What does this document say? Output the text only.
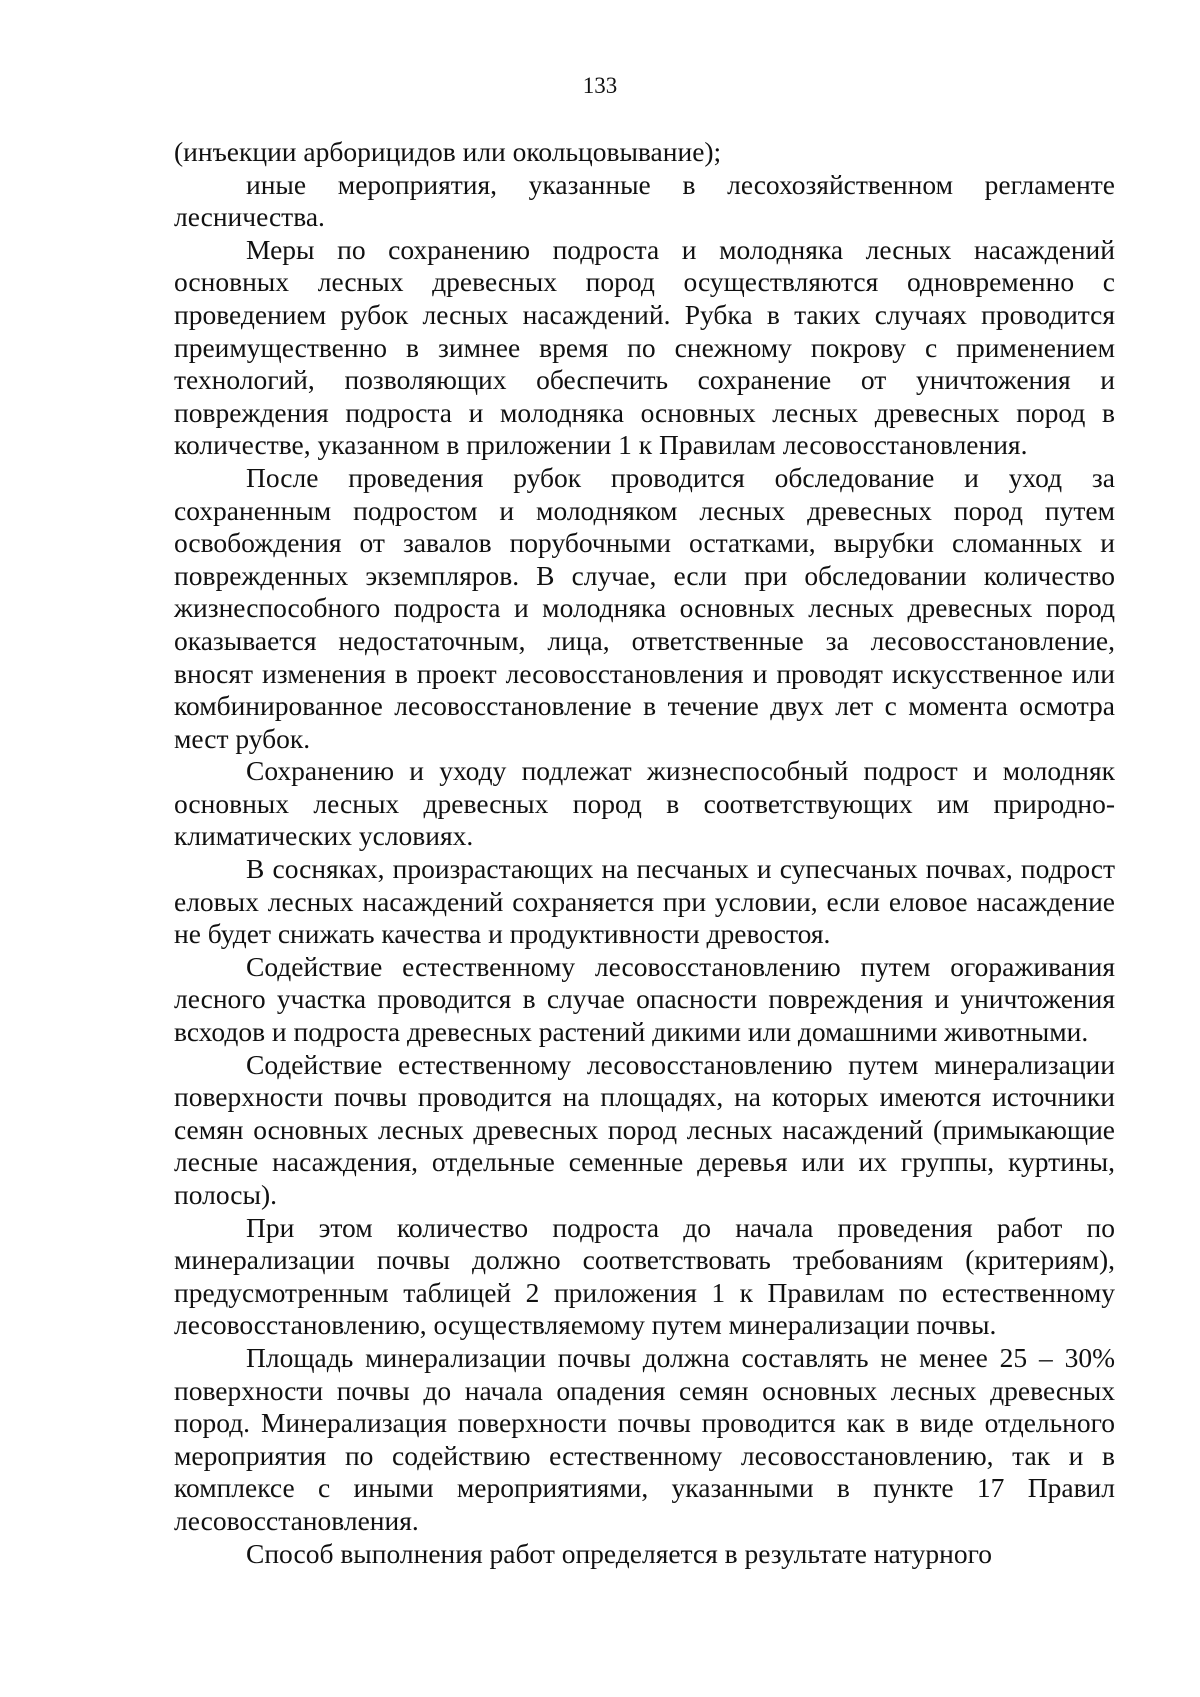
133

(инъекции арборицидов или окольцовывание);

иные мероприятия, указанные в лесохозяйственном регламенте лесничества.

Меры по сохранению подроста и молодняка лесных насаждений основных лесных древесных пород осуществляются одновременно с проведением рубок лесных насаждений. Рубка в таких случаях проводится преимущественно в зимнее время по снежному покрову с применением технологий, позволяющих обеспечить сохранение от уничтожения и повреждения подроста и молодняка основных лесных древесных пород в количестве, указанном в приложении 1 к Правилам лесовосстановления.

После проведения рубок проводится обследование и уход за сохраненным подростом и молодняком лесных древесных пород путем освобождения от завалов порубочными остатками, вырубки сломанных и поврежденных экземпляров. В случае, если при обследовании количество жизнеспособного подроста и молодняка основных лесных древесных пород оказывается недостаточным, лица, ответственные за лесовосстановление, вносят изменения в проект лесовосстановления и проводят искусственное или комбинированное лесовосстановление в течение двух лет с момента осмотра мест рубок.

Сохранению и уходу подлежат жизнеспособный подрост и молодняк основных лесных древесных пород в соответствующих им природно-климатических условиях.

В сосняках, произрастающих на песчаных и супесчаных почвах, подрост еловых лесных насаждений сохраняется при условии, если еловое насаждение не будет снижать качества и продуктивности древостоя.

Содействие естественному лесовосстановлению путем огораживания лесного участка проводится в случае опасности повреждения и уничтожения всходов и подроста древесных растений дикими или домашними животными.

Содействие естественному лесовосстановлению путем минерализации поверхности почвы проводится на площадях, на которых имеются источники семян основных лесных древесных пород лесных насаждений (примыкающие лесные насаждения, отдельные семенные деревья или их группы, куртины, полосы).

При этом количество подроста до начала проведения работ по минерализации почвы должно соответствовать требованиям (критериям), предусмотренным таблицей 2 приложения 1 к Правилам по естественному лесовосстановлению, осуществляемому путем минерализации почвы.

Площадь минерализации почвы должна составлять не менее 25 – 30% поверхности почвы до начала опадения семян основных лесных древесных пород. Минерализация поверхности почвы проводится как в виде отдельного мероприятия по содействию естественному лесовосстановлению, так и в комплексе с иными мероприятиями, указанными в пункте 17 Правил лесовосстановления.

Способ выполнения работ определяется в результате натурного
